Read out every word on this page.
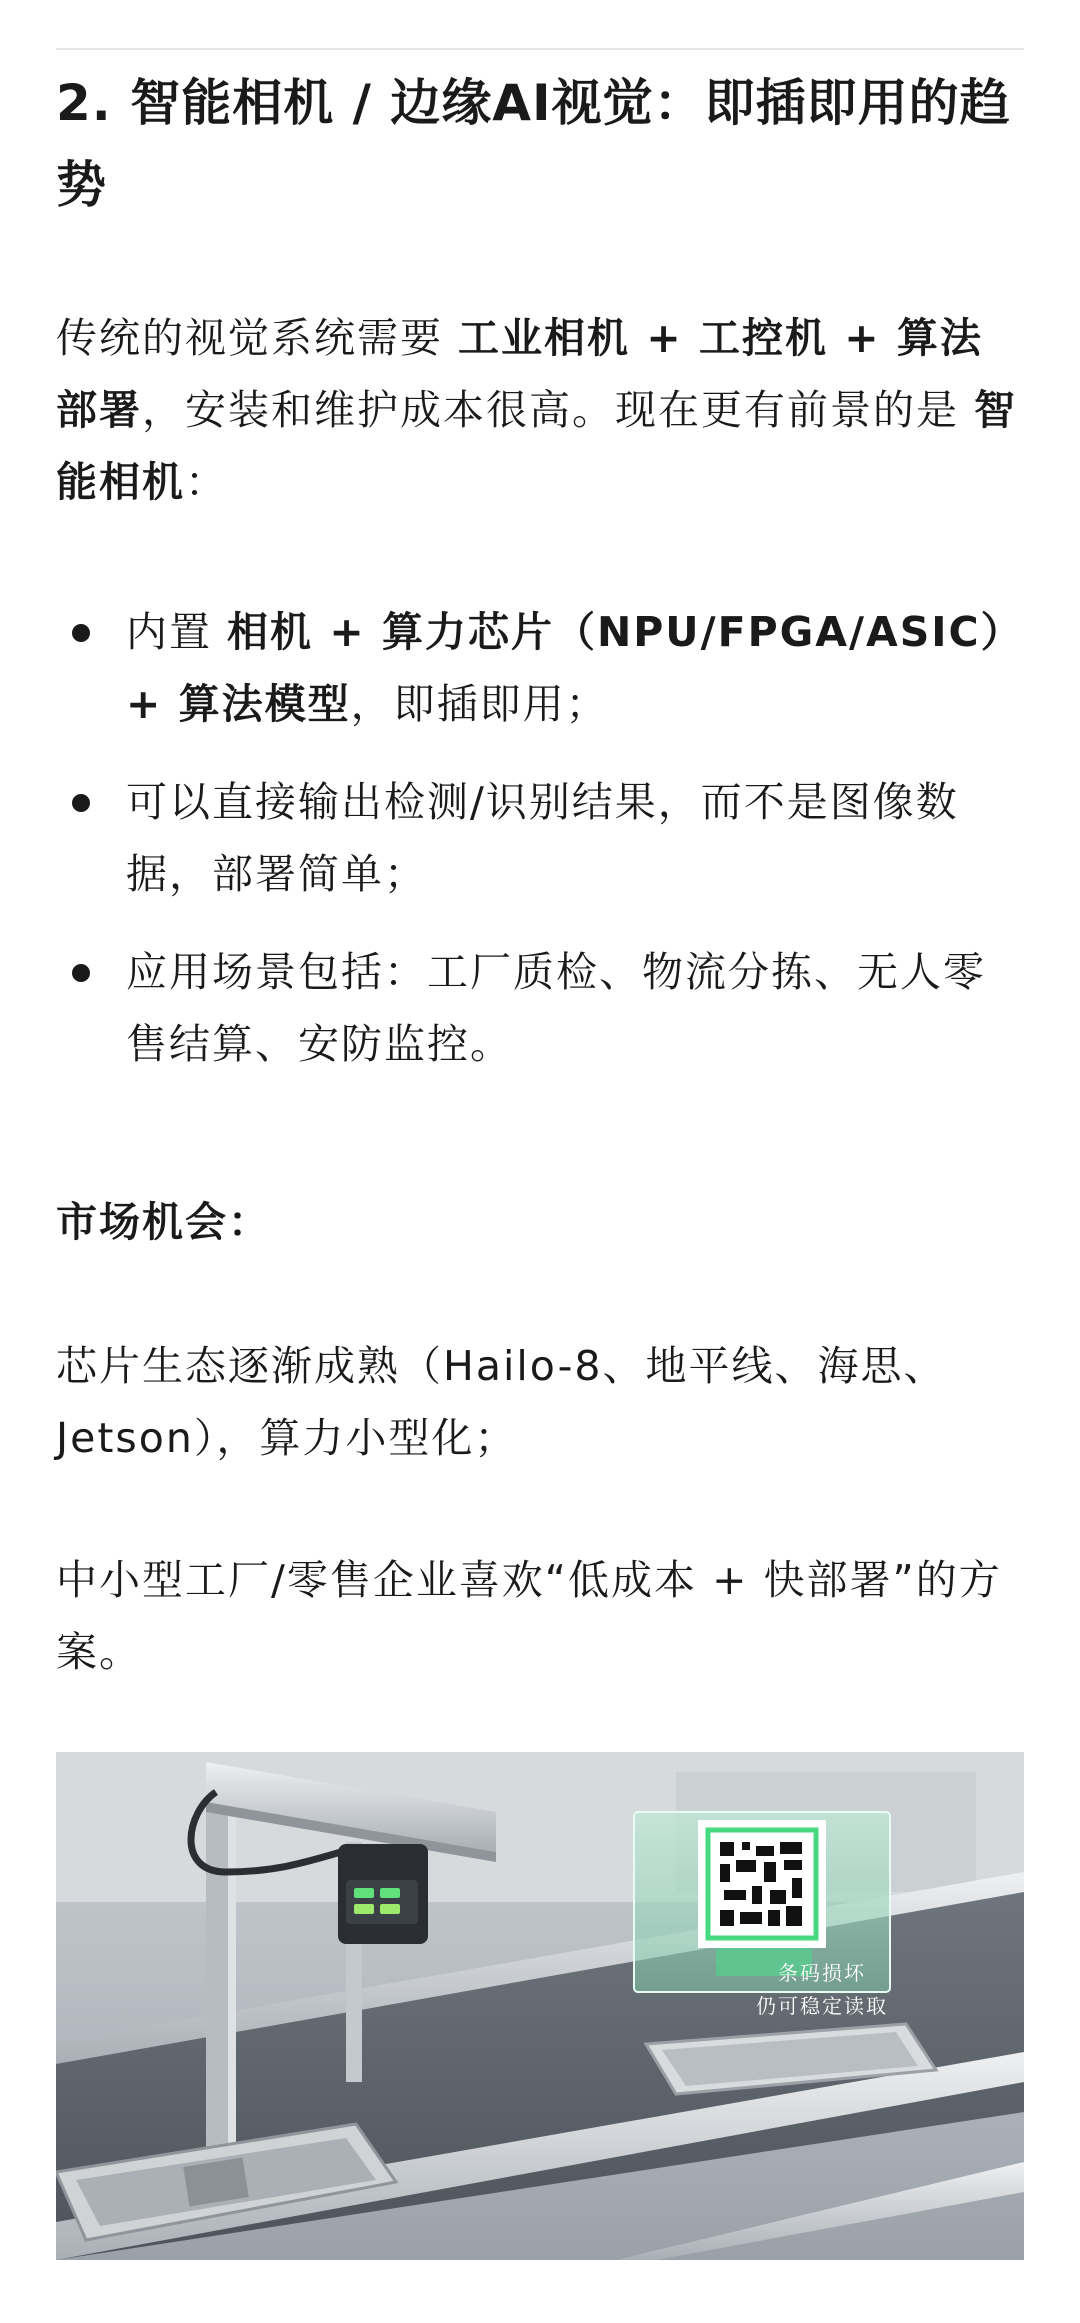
2. 智能相机 / 边缘AI视觉：即插即用的趋势

传统的视觉系统需要 工业相机 + 工控机 + 算法部署，安装和维护成本很高。现在更有前景的是 智能相机：

内置 相机 + 算力芯片（NPU/FPGA/ASIC）+ 算法模型，即插即用；
可以直接输出检测/识别结果，而不是图像数据，部署简单；
应用场景包括：工厂质检、物流分拣、无人零售结算、安防监控。

市场机会：

芯片生态逐渐成熟（Hailo-8、地平线、海思、Jetson），算力小型化；

中小型工厂/零售企业喜欢“低成本 + 快部署”的方案。

条码损坏
仍可稳定读取
